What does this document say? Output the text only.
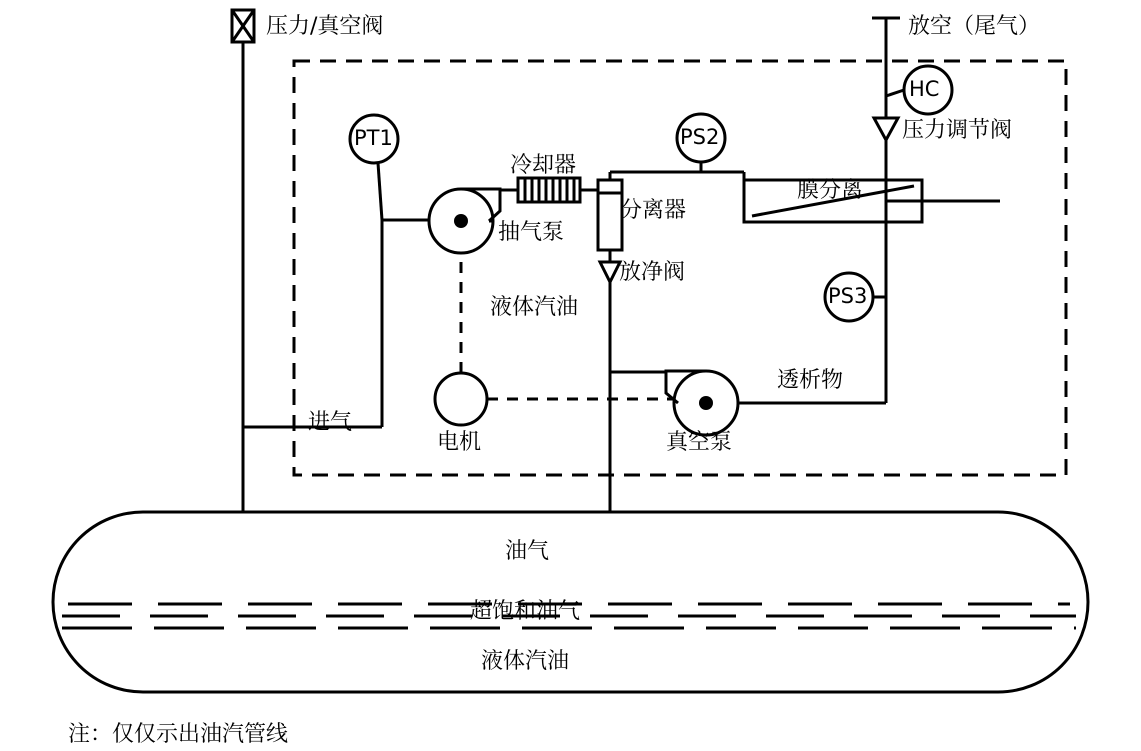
压力/真空阀	放空（尾气）
压力调节阀
冷却器
膜分离
分离器
抽气泵
放净阀
液体汽油
透析物
进气
电机	真空泵
油气
超饱和油气
液体汽油
PT1	PS2
PS3
HC
注：仅仅示出油汽管线
